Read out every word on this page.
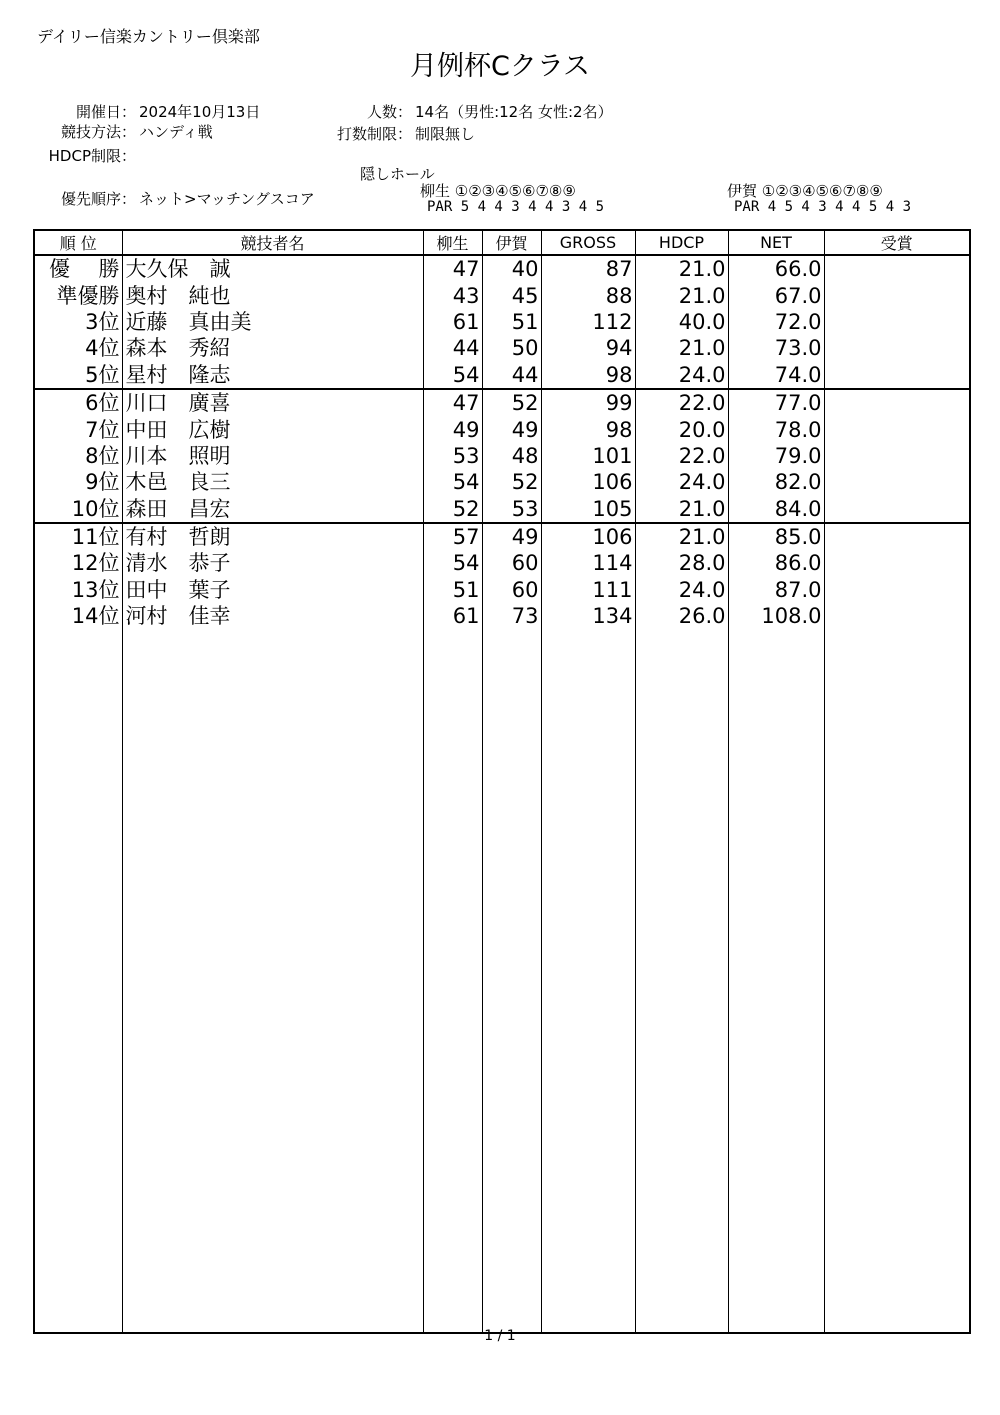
デイリー信楽カントリー倶楽部
月例杯Cクラス
開催日： 2024年10月13日
競技方法： ハンディ戦
HDCP制限：
人数： 14名（男性:12名 女性:2名）
打数制限： 制限無し
優先順序： ネット>マッチングスコア
隠しホール
柳生 ①②③④⑤⑥⑦⑧⑨
PAR 5 4 4 3 4 4 3 4 5
伊賀 ①②③④⑤⑥⑦⑧⑨
PAR 4 5 4 3 4 4 5 4 3
順 位	競技者名	柳生	伊賀	GROSS	HDCP	NET	受賞
優 勝	大久保　誠	47	40	87	21.0	66.0	
準優勝	奥村　純也	43	45	88	21.0	67.0	
3位	近藤　真由美	61	51	112	40.0	72.0	
4位	森本　秀紹	44	50	94	21.0	73.0	
5位	星村　隆志	54	44	98	24.0	74.0	
6位	川口　廣喜	47	52	99	22.0	77.0	
7位	中田　広樹	49	49	98	20.0	78.0	
8位	川本　照明	53	48	101	22.0	79.0	
9位	木邑　良三	54	52	106	24.0	82.0	
10位	森田　昌宏	52	53	105	21.0	84.0	
11位	有村　哲朗	57	49	106	21.0	85.0	
12位	清水　恭子	54	60	114	28.0	86.0	
13位	田中　葉子	51	60	111	24.0	87.0	
14位	河村　佳幸	61	73	134	26.0	108.0	

1 / 1
